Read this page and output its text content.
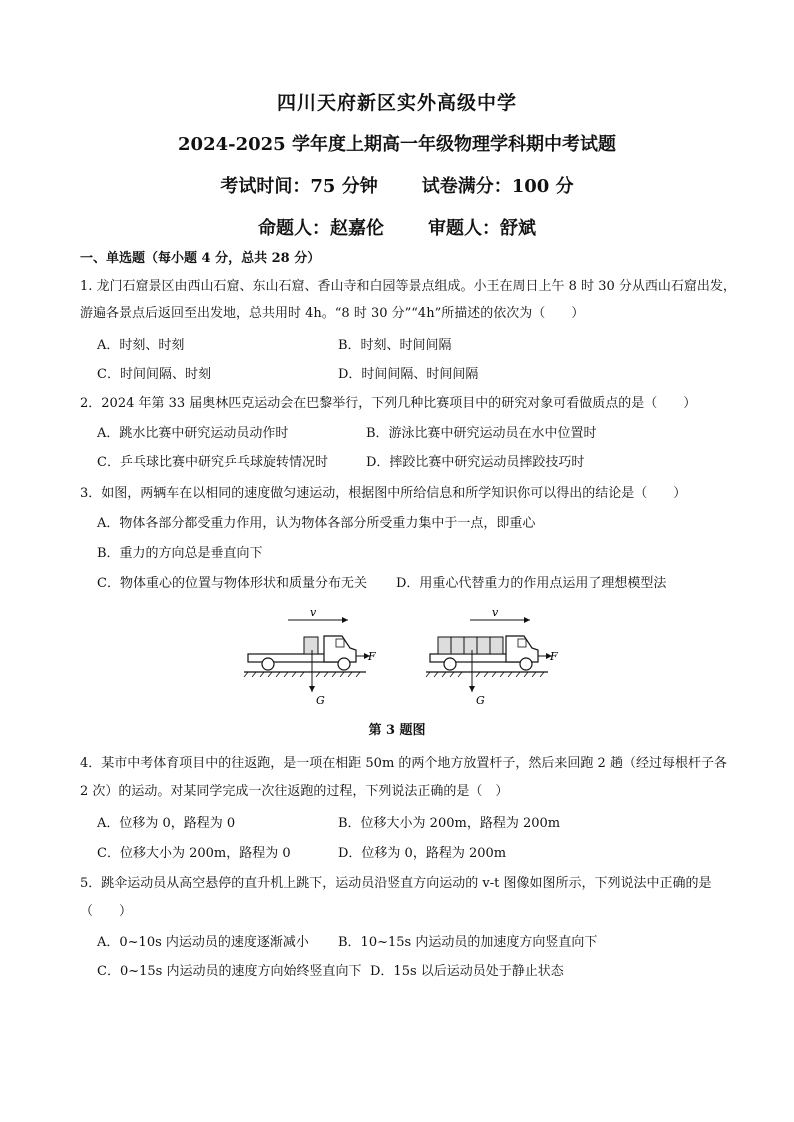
四川天府新区实外高级中学
2024-2025 学年度上期高一年级物理学科期中考试题
考试时间：75 分钟 试卷满分：100 分
命题人：赵嘉伦 审题人：舒斌
一、单选题（每小题 4 分，总共 28 分）
1. 龙门石窟景区由西山石窟、东山石窟、香山寺和白园等景点组成。小王在周日上午 8 时 30 分从西山石窟出发，
游遍各景点后返回至出发地，总共用时 4h。“8 时 30 分”“4h”所描述的依次为（　　）
A．时刻、时刻	B．时刻、时间间隔
C．时间间隔、时刻	D．时间间隔、时间间隔
2．2024 年第 33 届奥林匹克运动会在巴黎举行，下列几种比赛项目中的研究对象可看做质点的是（　　）
A．跳水比赛中研究运动员动作时	B．游泳比赛中研究运动员在水中位置时
C．乒乓球比赛中研究乒乓球旋转情况时	D．摔跤比赛中研究运动员摔跤技巧时
3．如图，两辆车在以相同的速度做匀速运动，根据图中所给信息和所学知识你可以得出的结论是（　　）
A．物体各部分都受重力作用，认为物体各部分所受重力集中于一点，即重心
B．重力的方向总是垂直向下
C．物体重心的位置与物体形状和质量分布无关 D．用重心代替重力的作用点运用了理想模型法
v
F
G
v
F
G
第 3 题图
4．某市中考体育项目中的往返跑，是一项在相距 50m 的两个地方放置杆子，然后来回跑 2 趟（经过每根杆子各
2 次）的运动。对某同学完成一次往返跑的过程，下列说法正确的是（　）
A．位移为 0，路程为 0	B．位移大小为 200m，路程为 200m
C．位移大小为 200m，路程为 0	D．位移为 0，路程为 200m
5．跳伞运动员从高空悬停的直升机上跳下，运动员沿竖直方向运动的 v-t 图像如图所示，下列说法中正确的是
（　　）
A．0~10s 内运动员的速度逐渐减小 B．10~15s 内运动员的加速度方向竖直向下
C．0~15s 内运动员的速度方向始终竖直向下 D．15s 以后运动员处于静止状态
